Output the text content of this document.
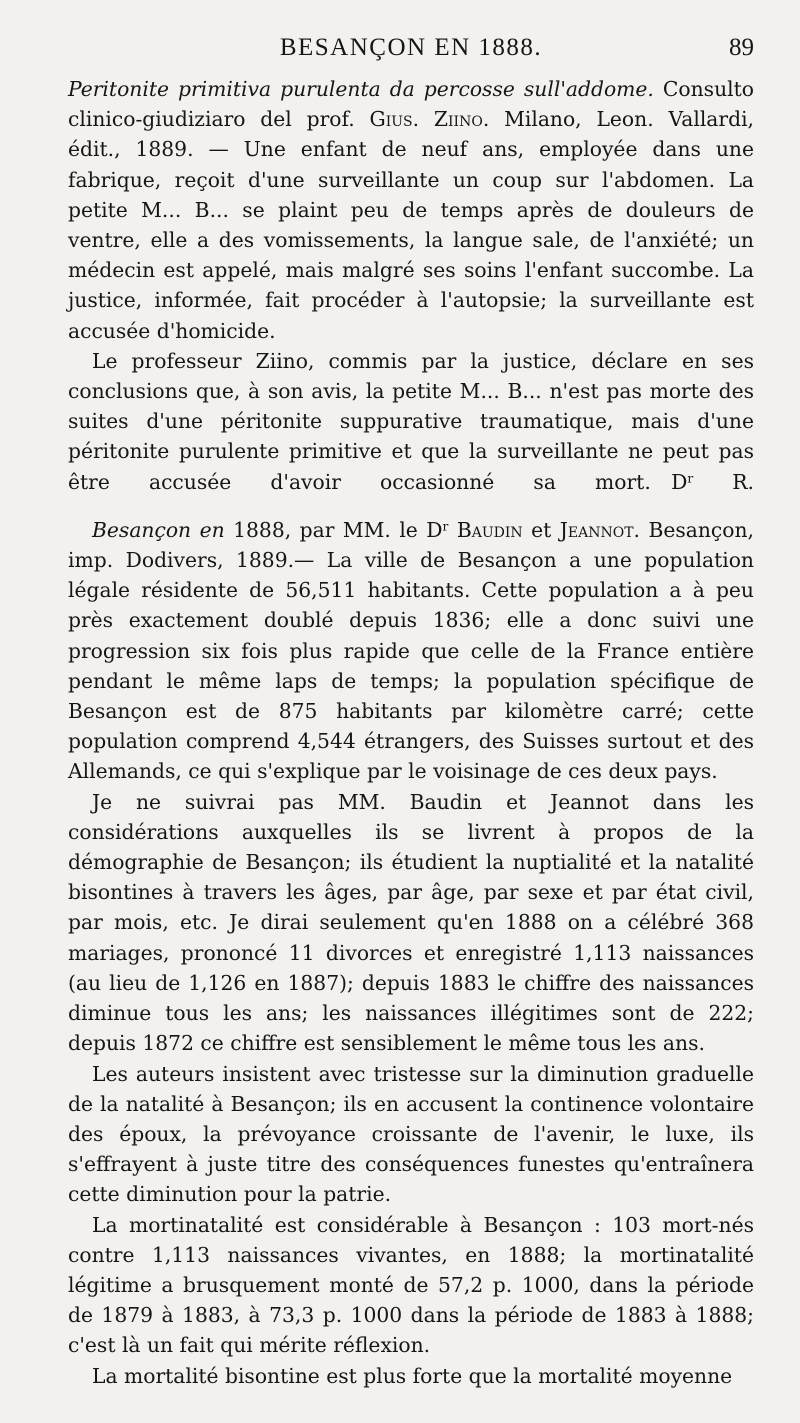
BESANÇON EN 1888.	89

Peritonite primitiva purulenta da percosse sull'addome. Consulto clinico-giudiziaro del prof. Gius. Ziino. Milano, Leon. Vallardi, édit., 1889. — Une enfant de neuf ans, employée dans une fabrique, reçoit d'une surveillante un coup sur l'abdomen. La petite M... B... se plaint peu de temps après de douleurs de ventre, elle a des vomissements, la langue sale, de l'anxiété; un médecin est appelé, mais malgré ses soins l'enfant succombe. La justice, informée, fait procéder à l'autopsie; la surveillante est accusée d'homicide.

Le professeur Ziino, commis par la justice, déclare en ses conclusions que, à son avis, la petite M... B... n'est pas morte des suites d'une péritonite suppurative traumatique, mais d'une péritonite purulente primitive et que la surveillante ne peut pas être accusée d'avoir occasionné sa mort.  $D^r$ R.

Besançon en 1888, par MM. le $D^r$ Baudin et Jeannot. Besançon, imp. Dodivers, 1889.— La ville de Besançon a une population légale résidente de 56,511 habitants. Cette population a à peu près exactement doublé depuis 1836; elle a donc suivi une progression six fois plus rapide que celle de la France entière pendant le même laps de temps; la population spécifique de Besançon est de 875 habitants par kilomètre carré; cette population comprend 4,544 étrangers, des Suisses surtout et des Allemands, ce qui s'explique par le voisinage de ces deux pays.

Je ne suivrai pas MM. Baudin et Jeannot dans les considérations auxquelles ils se livrent à propos de la démographie de Besançon; ils étudient la nuptialité et la natalité bisontines à travers les âges, par âge, par sexe et par état civil, par mois, etc. Je dirai seulement qu'en 1888 on a célébré 368 mariages, prononcé 11 divorces et enregistré 1,113 naissances (au lieu de 1,126 en 1887); depuis 1883 le chiffre des naissances diminue tous les ans; les naissances illégitimes sont de 222; depuis 1872 ce chiffre est sensiblement le même tous les ans.

Les auteurs insistent avec tristesse sur la diminution graduelle de la natalité à Besançon; ils en accusent la continence volontaire des époux, la prévoyance croissante de l'avenir, le luxe, ils s'effrayent à juste titre des conséquences funestes qu'entraînera cette diminution pour la patrie.

La mortinatalité est considérable à Besançon : 103 mort-nés contre 1,113 naissances vivantes, en 1888; la mortinatalité légitime a brusquement monté de 57,2 p. 1000, dans la période de 1879 à 1883, à 73,3 p. 1000 dans la période de 1883 à 1888; c'est là un fait qui mérite réflexion.

La mortalité bisontine est plus forte que la mortalité moyenne
